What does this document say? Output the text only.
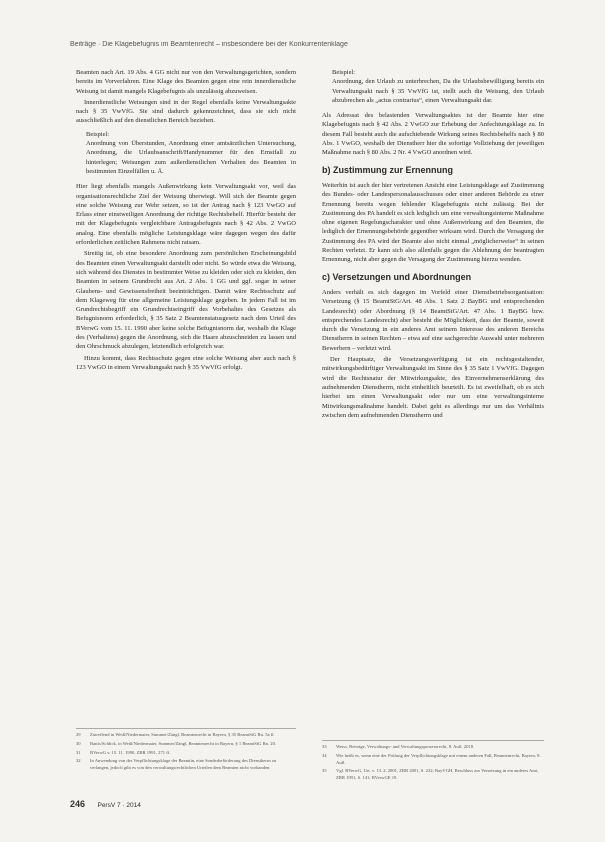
Beiträge · Die Klagebefugnis im Beamtenrecht – insbesondere bei der Konkurrentenklage

Beamten nach Art. 19 Abs. 4 GG nicht nur von den Verwaltungsgerichten, sondern bereits im Vorverfahren. Eine Klage des Beamten gegen eine rein innerdienstliche Weisung ist damit mangels Klagebefugnis als unzulässig abzuweisen.

Innerdienstliche Weisungen sind in der Regel ebenfalls keine Verwaltungsakte nach § 35 VwVfG. Sie sind dadurch gekennzeichnet, dass sie sich nicht ausschließlich auf den dienstlichen Bereich beziehen.

Beispiel:
Anordnung von Überstunden, Anordnung einer amtsärztlichen Untersuchung, Anordnung, die Urlaubsanschrift/Handynummer für den Ernstfall zu hinterlegen; Weisungen zum außerdienstlichen Verhalten des Beamten in bestimmten Einzelfällen u. Ä.

Hier liegt ebenfalls mangels Außenwirkung kein Verwaltungsakt vor, weil das organisationsrechtliche Ziel der Weisung überwiegt. Will sich der Beamte gegen eine solche Weisung zur Wehr setzen, so ist der Antrag nach § 123 VwGO auf Erlass einer einstweiligen Anordnung der richtige Rechtsbehelf. Hierfür besteht der mit der Klagebefugnis vergleichbare Antragsbefugnis nach § 42 Abs. 2 VwGO analog. Eine ebenfalls mögliche Leistungsklage wäre dagegen wegen des dafür erforderlichen zeitlichen Rahmens nicht ratsam.

Streitig ist, ob eine besondere Anordnung zum persönlichen Erscheinungsbild des Beamten einen Verwaltungsakt darstellt oder nicht. So würde etwa die Weisung, sich während des Dienstes in bestimmter Weise zu kleiden oder sich zu kleiden, den Beamten in seinem Grundrecht aus Art. 2 Abs. 1 GG und ggf. sogar in seiner Glaubens- und Gewissensfreiheit beeinträchtigen. Damit wäre Rechtsschutz auf dem Klageweg für eine allgemeine Leistungsklage gegeben. In jedem Fall ist im Grundrechtsbegriff ein Grundrechtseingriff des Vorbehaltes des Gesetzes als Befugnisnorm erforderlich, § 35 Satz 2 Beamtenstatusgesetz nach dem Urteil des BVerwG vom 15. 11. 1990 aber keine solche Befugnisnorm dar, weshalb die Klage des (Verhaltens) gegen die Anordnung, sich die Haare abzuschneiden zu lassen und den Ohrschmuck abzulegen, letztendlich erfolgreich war.

Hinzu kommt, dass Rechtsschutz gegen eine solche Weisung aber auch nach § 123 VwGO in einem Verwaltungsakt nach § 35 VwVfG erfolgt.

Beispiel:
Anordnung, den Urlaub zu unterbrechen, Da die Urlaubsbewilligung bereits ein Verwaltungsakt nach § 35 VwVfG ist, stellt auch die Weisung, den Urlaub abzubrechen als „actus contrarius“, einen Verwaltungsakt dar.

Als Adressat des belastenden Verwaltungsaktes ist der Beamte hier eine Klagebefugnis nach § 42 Abs. 2 VwGO zur Erhebung der Anfechtungsklage zu. In diesem Fall besteht auch die aufschiebende Wirkung seines Rechtsbehelfs nach § 80 Abs. 1 VwGO, weshalb der Dienstherr hier die sofortige Vollziehung der jeweiligen Maßnahme nach § 80 Abs. 2 Nr. 4 VwGO anordnen wird.

b) Zustimmung zur Ernennung

Weiterhin ist auch der hier vertretenen Ansicht eine Leistungsklage auf Zustimmung des Bundes- oder Landespersonalausschusses oder einer anderen Behörde zu einer Ernennung bereits wegen fehlender Klagebefugnis nicht zulässig. Bei der Zustimmung des PA handelt es sich lediglich um eine verwaltungsinterne Maßnahme ohne eigenen Regelungscharakter und ohne Außenwirkung auf den Beamten, die lediglich der Ernennungsbehörde gegenüber wirksam wird. Durch die Versagung der Zustimmung des PA wird der Beamte also nicht einmal „möglicherweise“ in seinen Rechten verletzt. Er kann sich also allenfalls gegen die Ablehnung der beantragten Ernennung, nicht aber gegen die Versagung der Zustimmung hierzu wenden.

c) Versetzungen und Abordnungen

Anders verhält es sich dagegen im Vorfeld einer Dienstbetriebsorganisation: Versetzung (§ 15 BeamtStG/Art. 48 Abs. 1 Satz 2 BayBG und entsprechenden Landesrecht) oder Abordnung (§ 14 BeamtStG/Art. 47 Abs. 1 BayBG bzw. entsprechendes Landesrecht) aber besteht die Möglichkeit, dass der Beamte, soweit durch die Versetzung in ein anderes Amt seinem Interesse des anderen Bereichs Dienstherrn in seinen Rechten – etwa auf eine sachgerechte Auswahl unter mehreren Bewerbern – verletzt wird.

Der Hauptsatz, die Versetzungsverfügung ist ein rechtsgestaltender, mitwirkungsbedürftiger Verwaltungsakt im Sinne des § 35 Satz 1 VwVfG. Dagegen wird die Rechtsnatur der Mitwirkungsakte, des Einvernehmenserklärung des aufnehmenden Dienstherrn, nicht einheitlich beurteilt. Es ist zweifelhaft, ob es sich hierbei um einen Verwaltungsakt oder nur um eine verwaltungsinterne Mitwirkungsmaßnahme handelt. Dabei geht es allerdings nur um das Verhältnis zwischen dem aufnehmenden Dienstherrn und

29	Zutreffend in Weiß/Niedermaier, Summer/Zängl, Beamtenrecht in Bayern, § 35 BeamtStG Rn. 5a ff.
30	Battis/Schlick, in Weiß/Niedermaier, Summer/Zängl, Beamtenrecht in Bayern, § 1 BeamtStG Rn. 20.
31	BVerwG v. 15. 11. 1990, ZBR 1991, 271 ff.
32	In Anwendung von der Verpflichtungsklage der Beamtin, eine Sonderbeförderung des Dienstherrn zu verlangen, jedoch gibt es von den verwaltungsrechtlichen Urteilen dem Beamten nicht vorhanden.
33	Weiss, Beiträge, Verwaltungs- und Verwaltungsprozessrecht, 8. Aufl. 2018.
34	Wie heißt es, wenn eine der Prüfung der Verpflichtungsklage mit einem anderen Fall, Beamtenrecht, Bayern, 8. Aufl.
35	Vgl. BVerwG, Urt. v. 13. 2. 2001, ZBR 2001, S. 232; BayVGH, Beschluss zur Versetzung in ein anderes Amt, ZBR 1991, S. 141; BVerwGE 19.
246 PersV 7 · 2014
